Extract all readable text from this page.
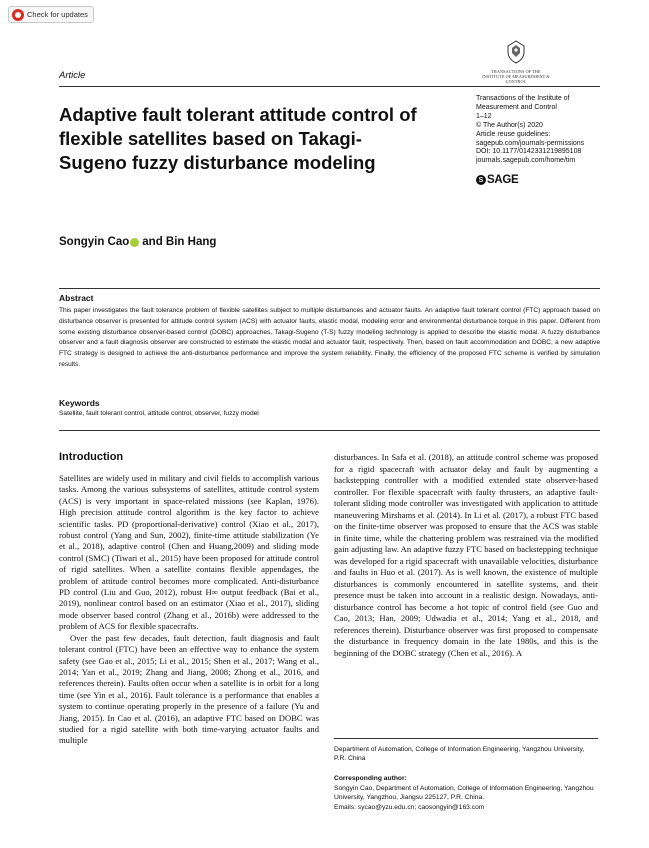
Check for updates
TRANSACTIONS OF THE INSTITUTE OF MEASUREMENT & CONTROL
Article
Adaptive fault tolerant attitude control of flexible satellites based on Takagi-Sugeno fuzzy disturbance modeling
Transactions of the Institute of
Measurement and Control
1–12
© The Author(s) 2020
Article reuse guidelines:
sagepub.com/journals-permissions
DOI: 10.1177/0142331219895108
journals.sagepub.com/home/tim
S SAGE
Songyin Cao and Bin Hang
Abstract

This paper investigates the fault tolerance problem of flexible satellites subject to multiple disturbances and actuator faults. An adaptive fault tolerant control (FTC) approach based on disturbance observer is presented for attitude control system (ACS) with actuator faults, elastic modal, modeling error and environmental disturbance torque in this paper. Different from some existing disturbance observer-based control (DOBC) approaches, Takagi-Sugeno (T-S) fuzzy modeling technology is applied to describe the elastic modal. A fuzzy disturbance observer and a fault diagnosis observer are constructed to estimate the elastic modal and actuator fault, respectively. Then, based on fault accommodation and DOBC, a new adaptive FTC strategy is designed to achieve the anti-disturbance performance and improve the system reliability. Finally, the efficiency of the proposed FTC scheme is verified by simulation results.

Keywords
Satellite, fault tolerant control, attitude control, observer, fuzzy model
Introduction

Satellites are widely used in military and civil fields to accomplish various tasks. Among the various subsystems of satellites, attitude control system (ACS) is very important in space-related missions (see Kaplan, 1976). High precision attitude control algorithm is the key factor to achieve scientific tasks. PD (proportional-derivative) control (Xiao et al., 2017), robust control (Yang and Sun, 2002), finite-time attitude stabilization (Ye et al., 2018), adaptive control (Chen and Huang,2009) and sliding mode control (SMC) (Tiwari et al., 2015) have been proposed for attitude control of rigid satellites. When a satellite contains flexible appendages, the problem of attitude control becomes more complicated. Anti-disturbance PD control (Liu and Guo, 2012), robust H∞ output feedback (Bai et al., 2019), nonlinear control based on an estimator (Xiao et al., 2017), sliding mode observer based control (Zhang et al., 2016b) were addressed to the problem of ACS for flexible spacecrafts.

Over the past few decades, fault detection, fault diagnosis and fault tolerant control (FTC) have been an effective way to enhance the system safety (see Gao et al., 2015; Li et al., 2015; Shen et al., 2017; Wang et al., 2014; Yan et al., 2019; Zhang and Jiang, 2008; Zhong et al., 2016, and references therein). Faults often occur when a satellite is in orbit for a long time (see Yin et al., 2016). Fault tolerance is a performance that enables a system to continue operating properly in the presence of a failure (Yu and Jiang, 2015). In Cao et al. (2016), an adaptive FTC based on DOBC was studied for a rigid satellite with both time-varying actuator faults and multiple

disturbances. In Safa et al. (2018), an attitude control scheme was proposed for a rigid spacecraft with actuator delay and fault by augmenting a backstepping controller with a modified extended state observer-based controller. For flexible spacecraft with faulty thrusters, an adaptive fault-tolerant sliding mode controller was investigated with application to attitude maneuvering Mirshams et al. (2014). In Li et al. (2017), a robust FTC based on the finite-time observer was proposed to ensure that the ACS was stable in finite time, while the chattering problem was restrained via the modified gain adjusting law. An adaptive fuzzy FTC based on backstepping technique was developed for a rigid spacecraft with unavailable velocities, disturbance and faults in Huo et al. (2017). As is well known, the existence of multiple disturbances is commonly encountered in satellite systems, and their presence must be taken into account in a realistic design. Nowadays, anti-disturbance control has become a hot topic of control field (see Guo and Cao, 2013; Han, 2009; Udwadia et al., 2014; Yang et al., 2018, and references therein). Disturbance observer was first proposed to compensate the disturbance in frequency domain in the late 1980s, and this is the beginning of the DOBC strategy (Chen et al., 2016). A

Department of Automation, College of Information Engineering, Yangzhou University, P.R. China

Corresponding author:
Songyin Cao, Department of Automation, College of Information Engineering, Yangzhou University, Yangzhou, Jiangsu 225127, P.R. China.
Emails: sycao@yzu.edu.cn; caosongyin@163.com
